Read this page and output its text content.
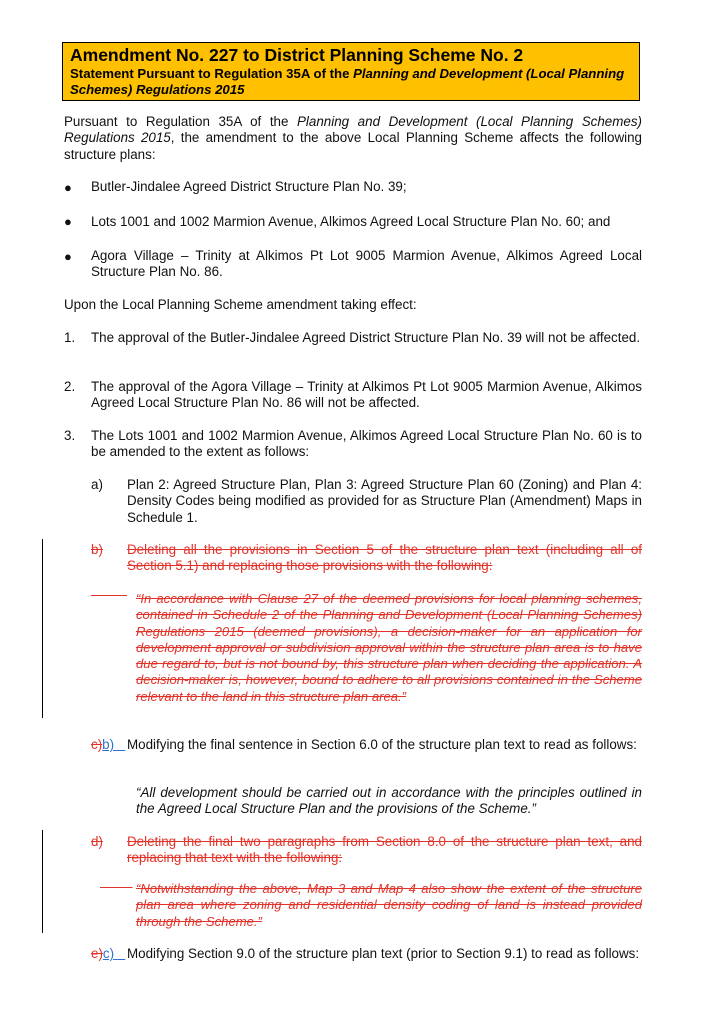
Amendment No. 227 to District Planning Scheme No. 2
Statement Pursuant to Regulation 35A of the Planning and Development (Local Planning Schemes) Regulations 2015
Pursuant to Regulation 35A of the Planning and Development (Local Planning Schemes) Regulations 2015, the amendment to the above Local Planning Scheme affects the following structure plans:
● Butler-Jindalee Agreed District Structure Plan No. 39;
● Lots 1001 and 1002 Marmion Avenue, Alkimos Agreed Local Structure Plan No. 60; and
● Agora Village – Trinity at Alkimos Pt Lot 9005 Marmion Avenue, Alkimos Agreed Local Structure Plan No. 86.
Upon the Local Planning Scheme amendment taking effect:
1. The approval of the Butler-Jindalee Agreed District Structure Plan No. 39 will not be affected.
2. The approval of the Agora Village – Trinity at Alkimos Pt Lot 9005 Marmion Avenue, Alkimos Agreed Local Structure Plan No. 86 will not be affected.
3. The Lots 1001 and 1002 Marmion Avenue, Alkimos Agreed Local Structure Plan No. 60 is to be amended to the extent as follows:
a) Plan 2: Agreed Structure Plan, Plan 3: Agreed Structure Plan 60 (Zoning) and Plan 4: Density Codes being modified as provided for as Structure Plan (Amendment) Maps in Schedule 1.
b) Deleting all the provisions in Section 5 of the structure plan text (including all of Section 5.1) and replacing those provisions with the following:

“In accordance with Clause 27 of the deemed provisions for local planning schemes, contained in Schedule 2 of the Planning and Development (Local Planning Schemes) Regulations 2015 (deemed provisions), a decision-maker for an application for development approval or subdivision approval within the structure plan area is to have due regard to, but is not bound by, this structure plan when deciding the application. A decision-maker is, however, bound to adhere to all provisions contained in the Scheme relevant to the land in this structure plan area.”
c)b) Modifying the final sentence in Section 6.0 of the structure plan text to read as follows:
“All development should be carried out in accordance with the principles outlined in the Agreed Local Structure Plan and the provisions of the Scheme.”
d) Deleting the final two paragraphs from Section 8.0 of the structure plan text, and replacing that text with the following:

“Notwithstanding the above, Map 3 and Map 4 also show the extent of the structure plan area where zoning and residential density coding of land is instead provided through the Scheme.”
e)c) Modifying Section 9.0 of the structure plan text (prior to Section 9.1) to read as follows:
